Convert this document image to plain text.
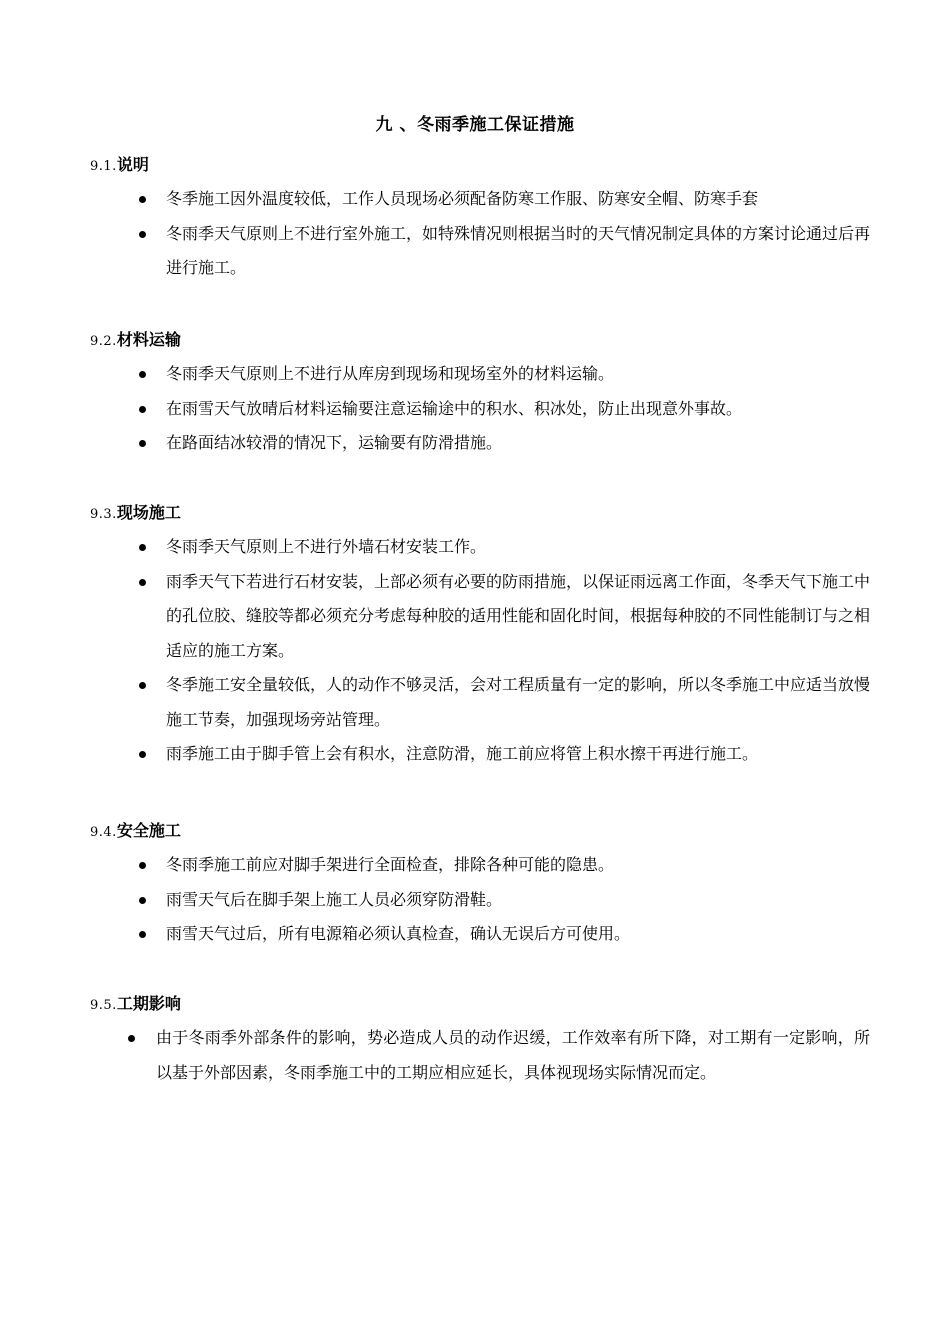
九 、冬雨季施工保证措施
9.1.说明
冬季施工因外温度较低，工作人员现场必须配备防寒工作服、防寒安全帽、防寒手套
冬雨季天气原则上不进行室外施工，如特殊情况则根据当时的天气情况制定具体的方案讨论通过后再进行施工。
9.2.材料运输
冬雨季天气原则上不进行从库房到现场和现场室外的材料运输。
在雨雪天气放晴后材料运输要注意运输途中的积水、积冰处，防止出现意外事故。
在路面结冰较滑的情况下，运输要有防滑措施。
9.3.现场施工
冬雨季天气原则上不进行外墙石材安装工作。
雨季天气下若进行石材安装，上部必须有必要的防雨措施，以保证雨远离工作面，冬季天气下施工中的孔位胶、缝胶等都必须充分考虑每种胶的适用性能和固化时间，根据每种胶的不同性能制订与之相适应的施工方案。
冬季施工安全量较低，人的动作不够灵活，会对工程质量有一定的影响，所以冬季施工中应适当放慢施工节奏，加强现场旁站管理。
雨季施工由于脚手管上会有积水，注意防滑，施工前应将管上积水擦干再进行施工。
9.4.安全施工
冬雨季施工前应对脚手架进行全面检查，排除各种可能的隐患。
雨雪天气后在脚手架上施工人员必须穿防滑鞋。
雨雪天气过后，所有电源箱必须认真检查，确认无误后方可使用。
9.5.工期影响
由于冬雨季外部条件的影响，势必造成人员的动作迟缓，工作效率有所下降，对工期有一定影响，所以基于外部因素，冬雨季施工中的工期应相应延长，具体视现场实际情况而定。
